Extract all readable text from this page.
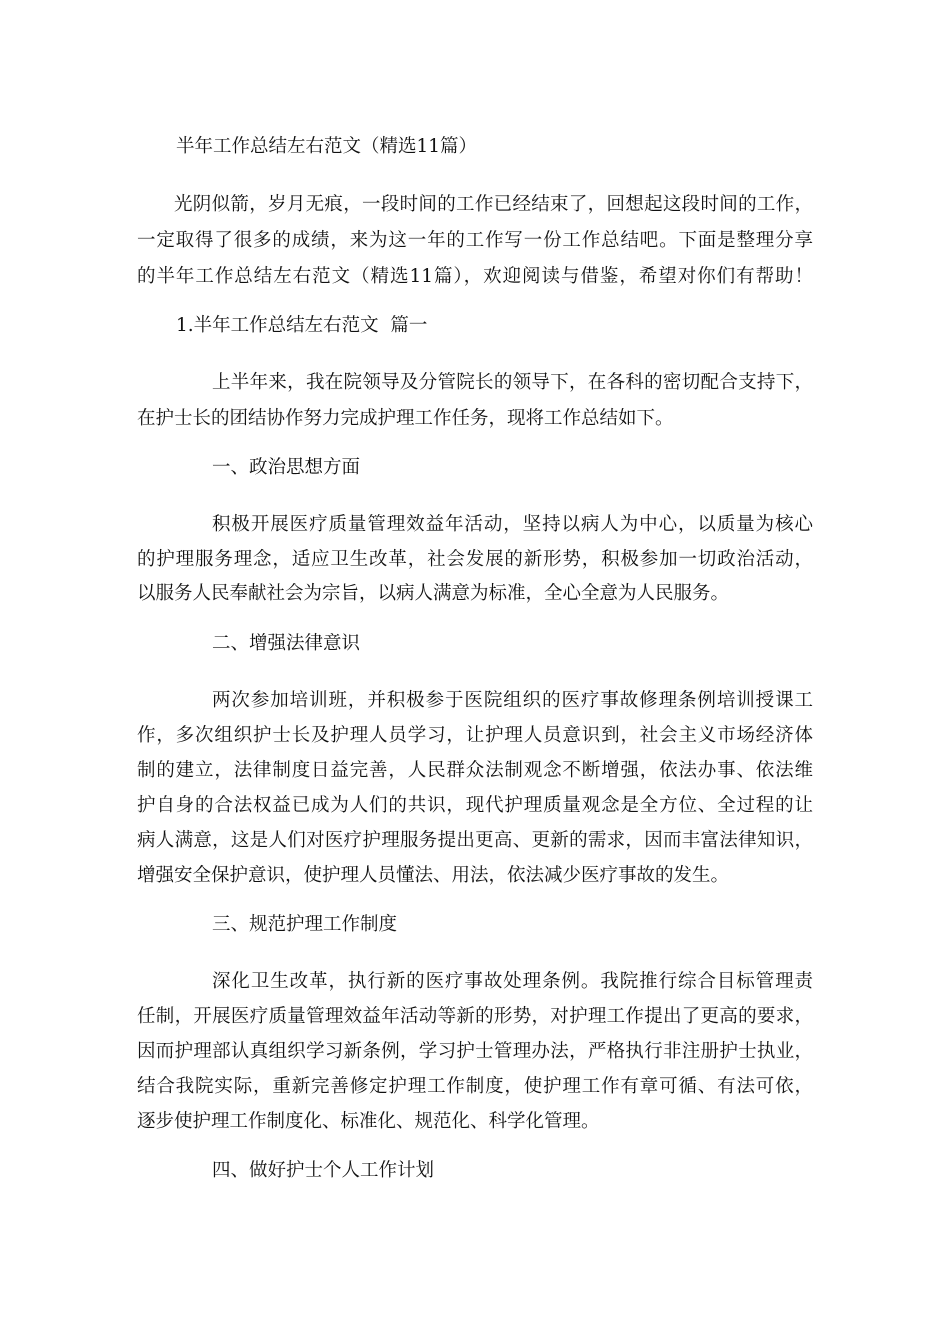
半年工作总结左右范文（精选11篇）
光阴似箭，岁月无痕，一段时间的工作已经结束了，回想起这段时间的工作，
一定取得了很多的成绩，来为这一年的工作写一份工作总结吧。下面是整理分享
的半年工作总结左右范文（精选11篇），欢迎阅读与借鉴，希望对你们有帮助！
1.半年工作总结左右范文  篇一
上半年来，我在院领导及分管院长的领导下，在各科的密切配合支持下，
在护士长的团结协作努力完成护理工作任务，现将工作总结如下。
一、政治思想方面
积极开展医疗质量管理效益年活动，坚持以病人为中心，以质量为核心
的护理服务理念，适应卫生改革，社会发展的新形势，积极参加一切政治活动，
以服务人民奉献社会为宗旨，以病人满意为标准，全心全意为人民服务。
二、增强法律意识
两次参加培训班，并积极参于医院组织的医疗事故修理条例培训授课工
作，多次组织护士长及护理人员学习，让护理人员意识到，社会主义市场经济体
制的建立，法律制度日益完善，人民群众法制观念不断增强，依法办事、依法维
护自身的合法权益已成为人们的共识，现代护理质量观念是全方位、全过程的让
病人满意，这是人们对医疗护理服务提出更高、更新的需求，因而丰富法律知识，
增强安全保护意识，使护理人员懂法、用法，依法减少医疗事故的发生。
三、规范护理工作制度
深化卫生改革，执行新的医疗事故处理条例。我院推行综合目标管理责
任制，开展医疗质量管理效益年活动等新的形势，对护理工作提出了更高的要求，
因而护理部认真组织学习新条例，学习护士管理办法，严格执行非注册护士执业，
结合我院实际，重新完善修定护理工作制度，使护理工作有章可循、有法可依，
逐步使护理工作制度化、标准化、规范化、科学化管理。
四、做好护士个人工作计划
